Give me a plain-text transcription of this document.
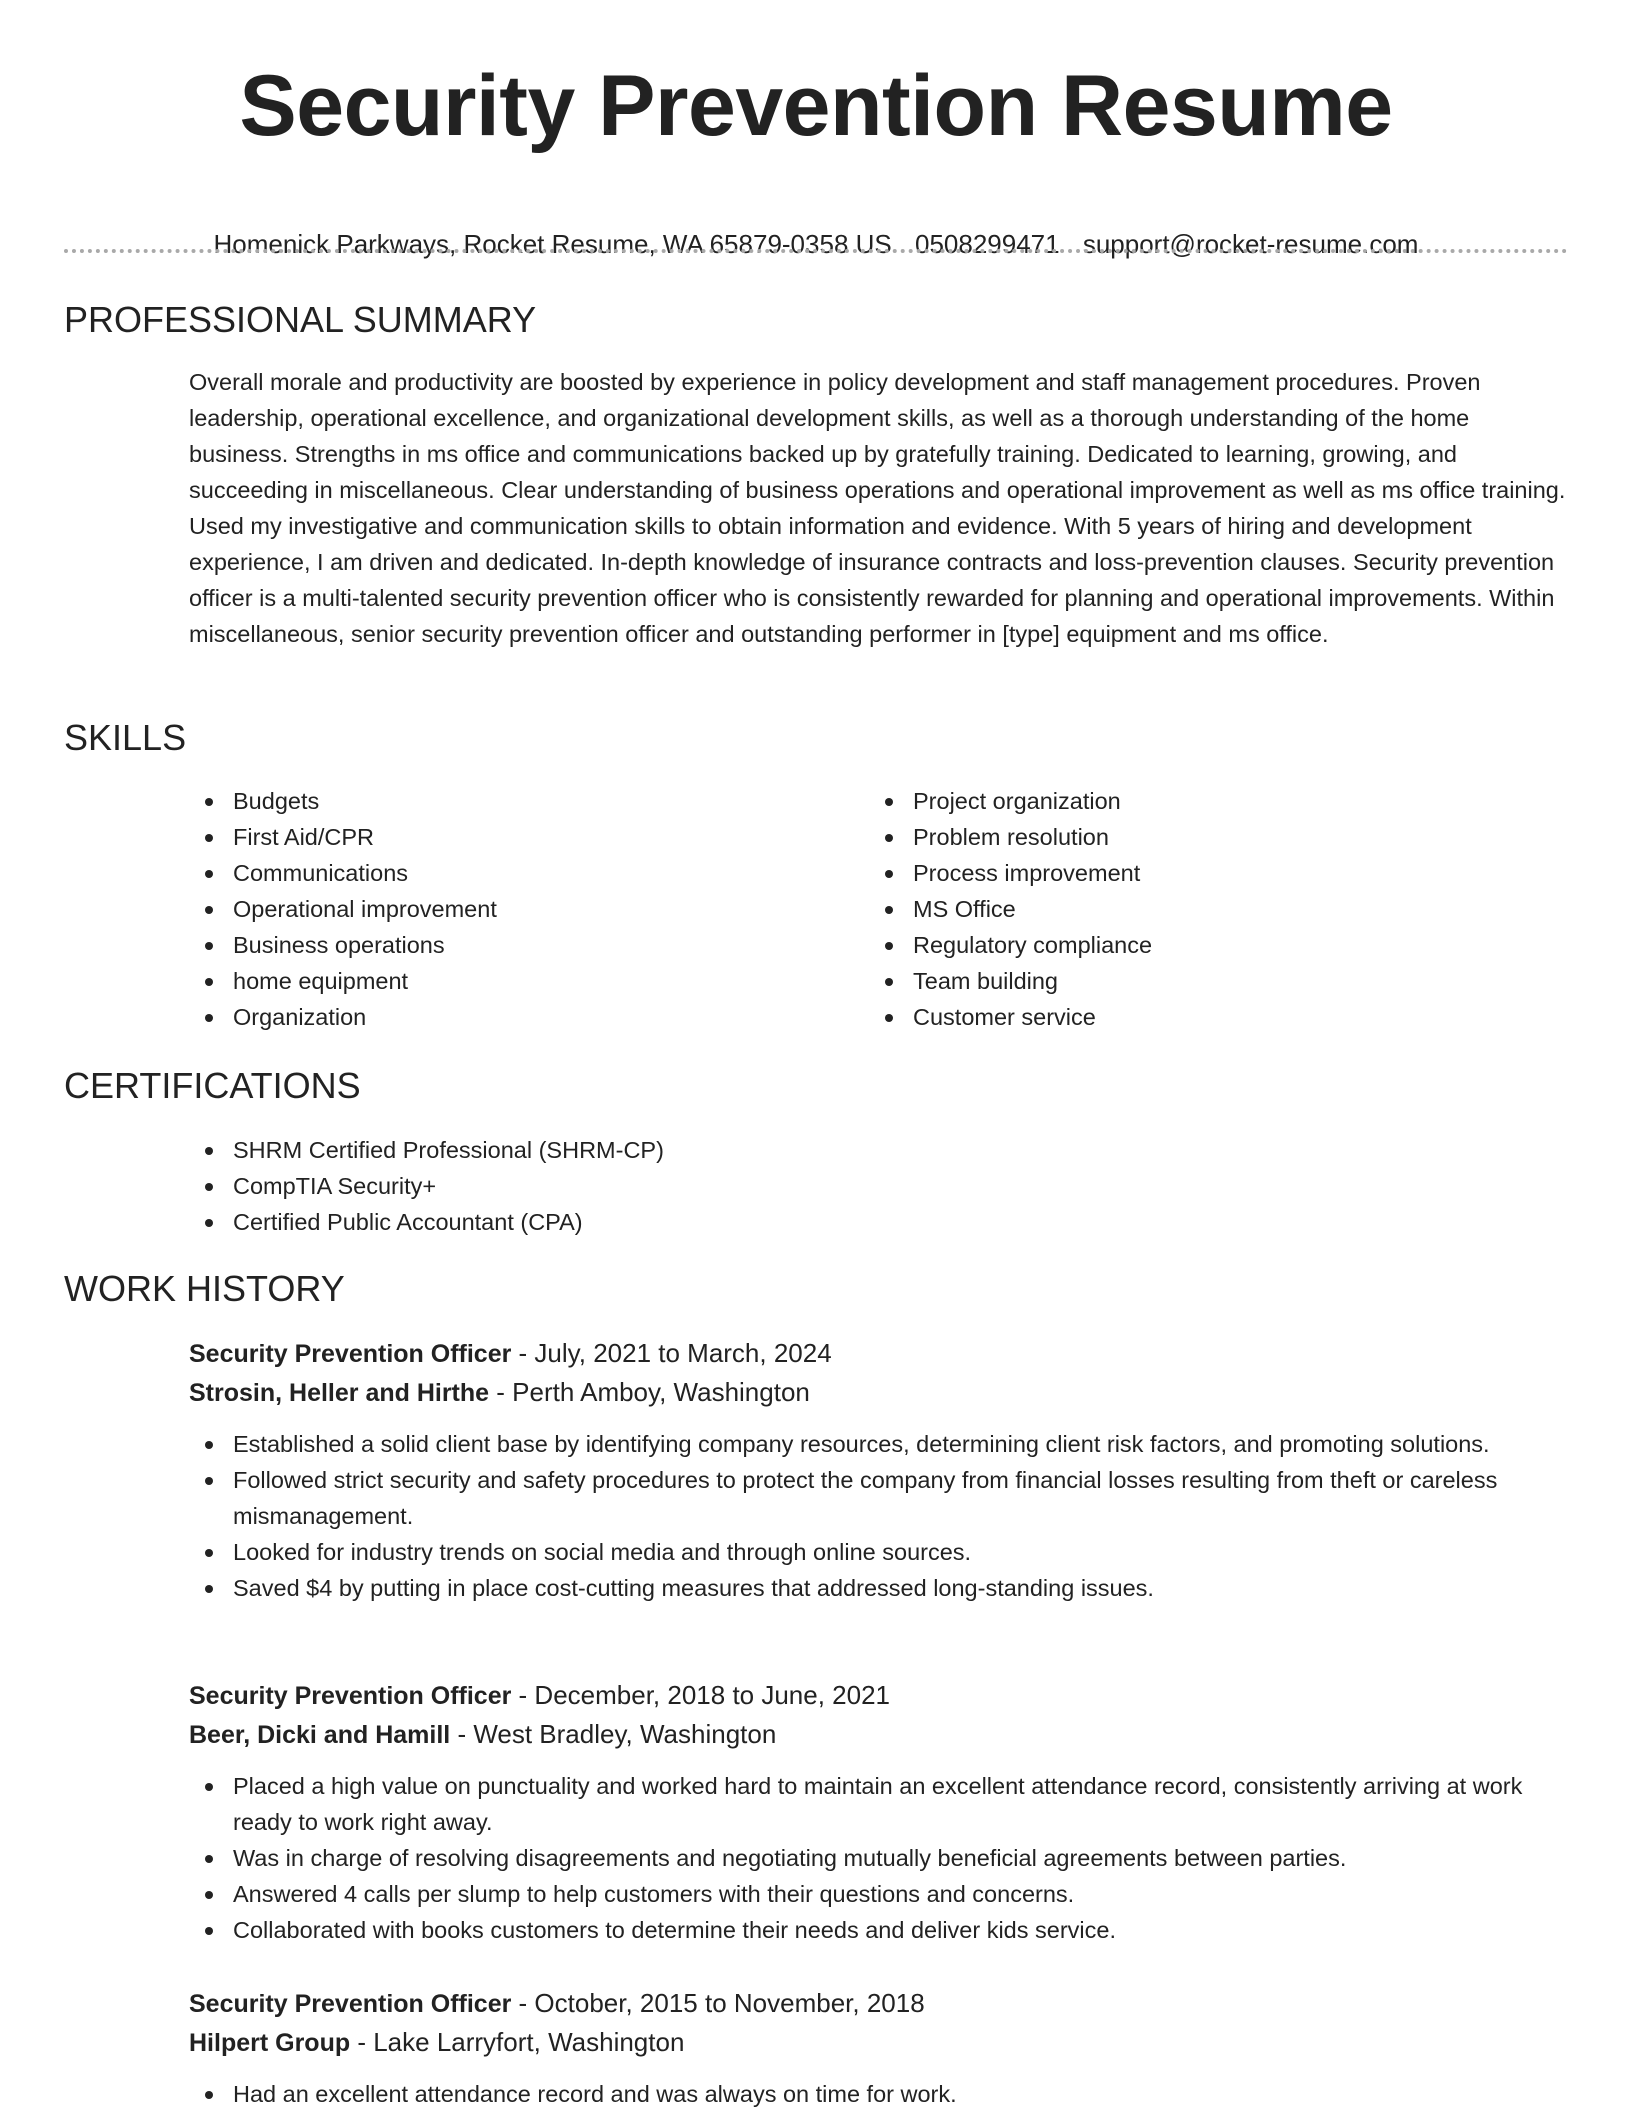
Security Prevention Resume
Homenick Parkways, Rocket Resume, WA 65879-0358 US 0508299471 support@rocket-resume.com
PROFESSIONAL SUMMARY

Overall morale and productivity are boosted by experience in policy development and staff management procedures. Proven leadership, operational excellence, and organizational development skills, as well as a thorough understanding of the home business. Strengths in ms office and communications backed up by gratefully training. Dedicated to learning, growing, and succeeding in miscellaneous. Clear understanding of business operations and operational improvement as well as ms office training. Used my investigative and communication skills to obtain information and evidence. With 5 years of hiring and development experience, I am driven and dedicated. In-depth knowledge of insurance contracts and loss-prevention clauses. Security prevention officer is a multi-talented security prevention officer who is consistently rewarded for planning and operational improvements. Within miscellaneous, senior security prevention officer and outstanding performer in [type] equipment and ms office.

SKILLS
Budgets
First Aid/CPR
Communications
Operational improvement
Business operations
home equipment
Organization
Project organization
Problem resolution
Process improvement
MS Office
Regulatory compliance
Team building
Customer service
CERTIFICATIONS
SHRM Certified Professional (SHRM-CP)
CompTIA Security+
Certified Public Accountant (CPA)
WORK HISTORY
Security Prevention Officer - July, 2021 to March, 2024
Strosin, Heller and Hirthe - Perth Amboy, Washington
Established a solid client base by identifying company resources, determining client risk factors, and promoting solutions.
Followed strict security and safety procedures to protect the company from financial losses resulting from theft or careless mismanagement.
Looked for industry trends on social media and through online sources.
Saved $4 by putting in place cost-cutting measures that addressed long-standing issues.
Security Prevention Officer - December, 2018 to June, 2021
Beer, Dicki and Hamill - West Bradley, Washington
Placed a high value on punctuality and worked hard to maintain an excellent attendance record, consistently arriving at work ready to work right away.
Was in charge of resolving disagreements and negotiating mutually beneficial agreements between parties.
Answered 4 calls per slump to help customers with their questions and concerns.
Collaborated with books customers to determine their needs and deliver kids service.
Security Prevention Officer - October, 2015 to November, 2018
Hilpert Group - Lake Larryfort, Washington
Had an excellent attendance record and was always on time for work.
